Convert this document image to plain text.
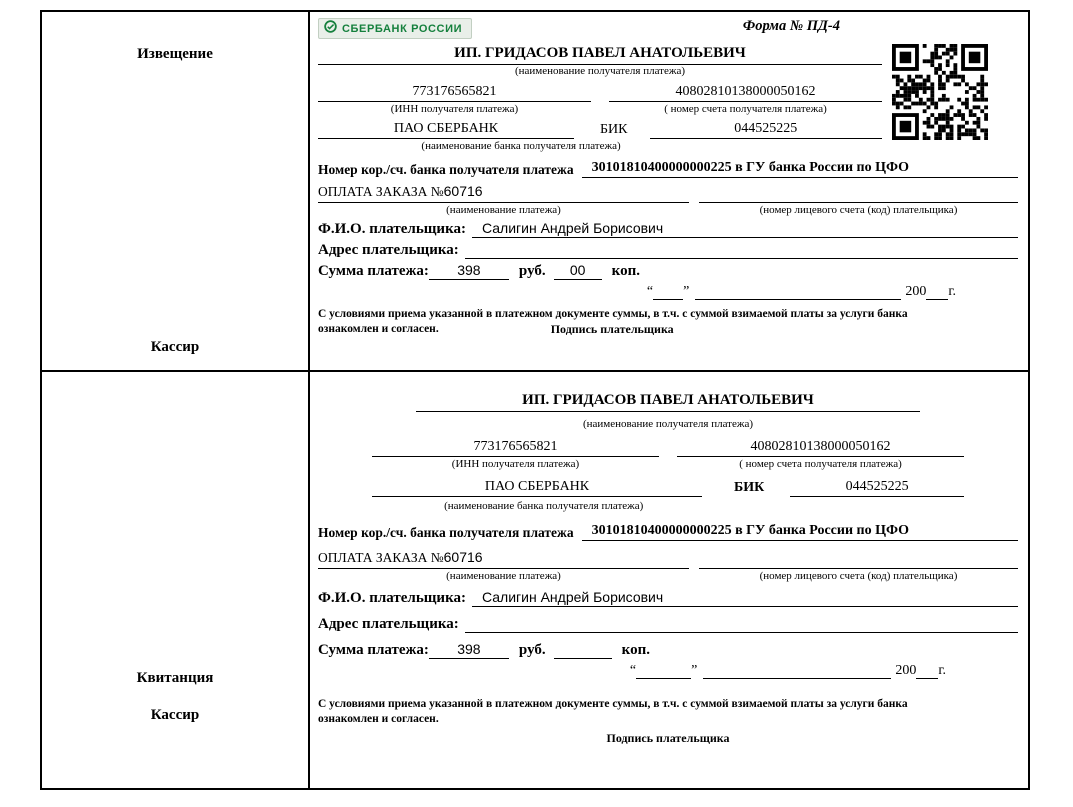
Извещение
Кассир
СБЕРБАНК РОССИИ	Форма № ПД-4
ИП. ГРИДАСОВ ПАВЕЛ АНАТОЛЬЕВИЧ
(наименование получателя платежа)
773176565821	40802810138000050162
(ИНН получателя платежа)	( номер счета получателя платежа)
ПАО СБЕРБАНК	БИК	044525225
(наименование банка получателя платежа)
Номер кор./сч. банка получателя платежа	30101810400000000225 в ГУ банка России по ЦФО
ОПЛАТА ЗАКАЗА №60716
(наименование платежа)	(номер лицевого счета (код) плательщика)
Ф.И.О. плательщика:	Салигин Андрей Борисович
Адрес плательщика:
Сумма платежа:	398	руб.	00	коп.
“ ”	200 г.
С условиями приема указанной в платежном документе суммы, в т.ч. с суммой взимаемой платы за услуги банка
ознакомлен и согласен.	Подпись плательщика
Квитанция
Кассир
ИП. ГРИДАСОВ ПАВЕЛ АНАТОЛЬЕВИЧ
(наименование получателя платежа)
773176565821	40802810138000050162
(ИНН получателя платежа)	( номер счета получателя платежа)
ПАО СБЕРБАНК	БИК	044525225
(наименование банка получателя платежа)
Номер кор./сч. банка получателя платежа	30101810400000000225 в ГУ банка России по ЦФО
ОПЛАТА ЗАКАЗА №60716
(наименование платежа)	(номер лицевого счета (код) плательщика)
Ф.И.О. плательщика:	Салигин Андрей Борисович
Адрес плательщика:
Сумма платежа:	398	руб.	коп.
“	”	200 г.
С условиями приема указанной в платежном документе суммы, в т.ч. с суммой взимаемой платы за услуги банка
ознакомлен и согласен.
Подпись плательщика
